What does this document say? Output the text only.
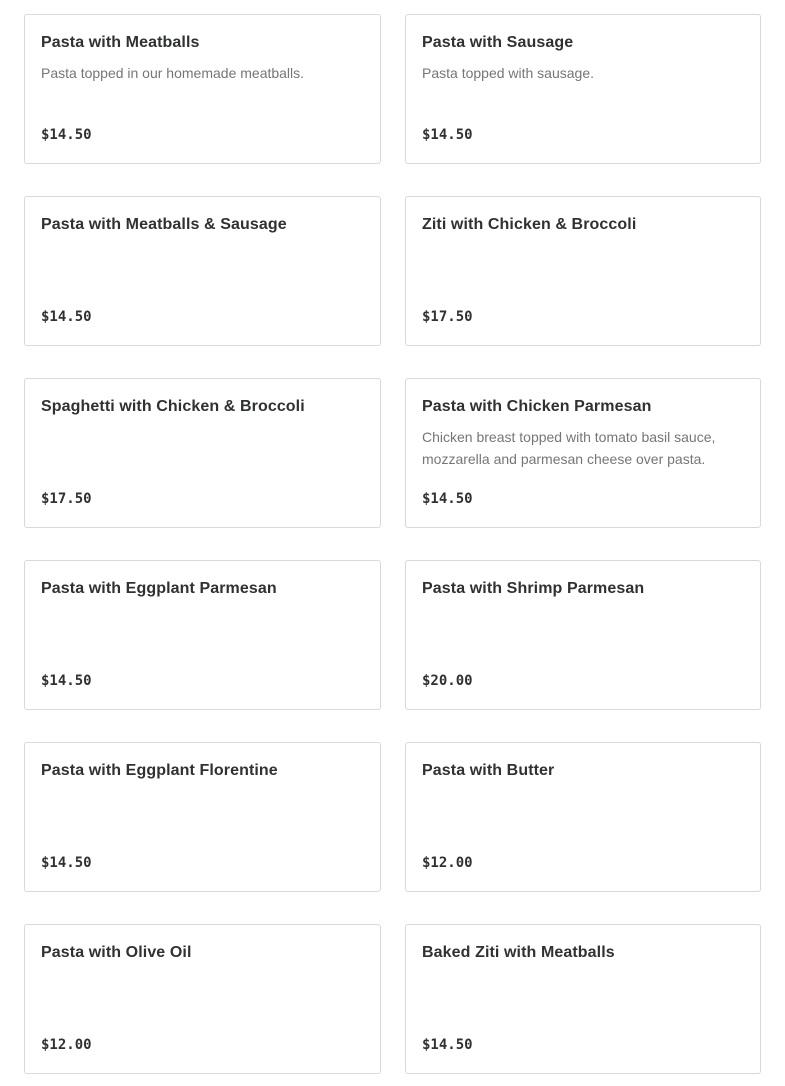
Pasta with Meatballs
Pasta topped in our homemade meatballs.
$14.50
Pasta with Sausage
Pasta topped with sausage.
$14.50
Pasta with Meatballs & Sausage
$14.50
Ziti with Chicken & Broccoli
$17.50
Spaghetti with Chicken & Broccoli
$17.50
Pasta with Chicken Parmesan
Chicken breast topped with tomato basil sauce, mozzarella and parmesan cheese over pasta.
$14.50
Pasta with Eggplant Parmesan
$14.50
Pasta with Shrimp Parmesan
$20.00
Pasta with Eggplant Florentine
$14.50
Pasta with Butter
$12.00
Pasta with Olive Oil
$12.00
Baked Ziti with Meatballs
$14.50
